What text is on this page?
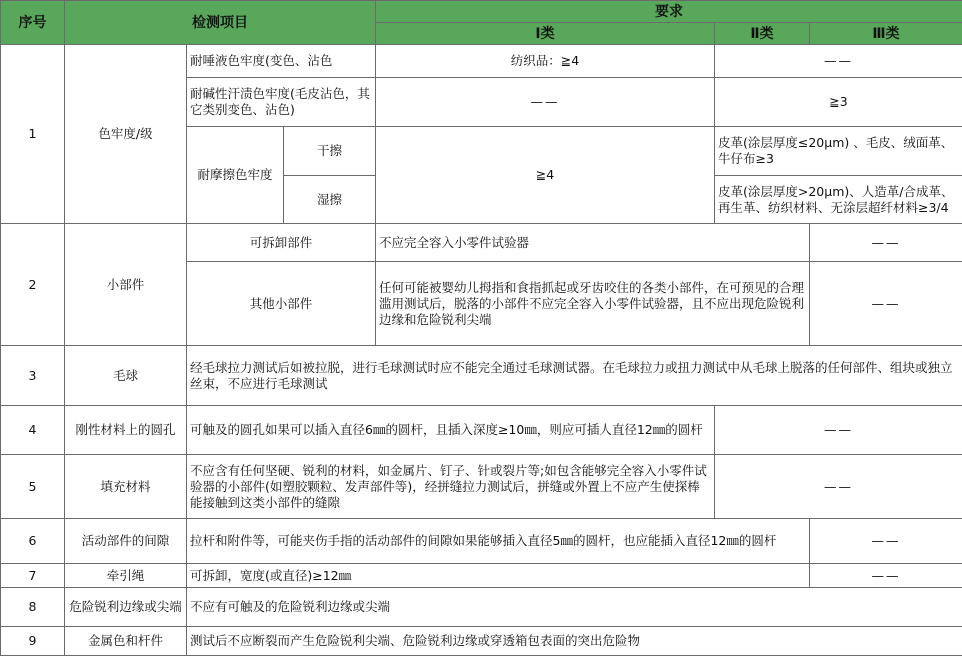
序号	检测项目			要求		
				Ⅰ类	Ⅱ类	Ⅲ类
1	色牢度/级	耐唾液色牢度(变色、沾色		纺织品：≧4	——	
		耐碱性汗渍色牢度(毛皮沾色，其它类别变色、沾色)		——	≧3	
		耐摩擦色牢度	干擦	≧4	皮革(涂层厚度≤20μm) 、毛皮、绒面革、牛仔布≥3	
			湿擦		皮革(涂层厚度>20μm)、人造革/合成革、再生革、纺织材料、无涂层超纤材料≥3/4	
2	小部件	可拆卸部件		不应完全容入小零件试验器		——
		其他小部件		任何可能被婴幼儿拇指和食指抓起或牙齿咬住的各类小部件，在可预见的合理滥用测试后，脱落的小部件不应完全容入小零件试验器，且不应出现危险锐利边缘和危险锐利尖端		——
3	毛球	经毛球拉力测试后如被拉脱，进行毛球测试时应不能完全通过毛球测试器。在毛球拉力或扭力测试中从毛球上脱落的任何部件、组块或独立丝束，不应进行毛球测试				
4	刚性材料上的圆孔	可触及的圆孔如果可以插入直径6㎜的圆杆，且插入深度≥10㎜，则应可插人直径12㎜的圆杆			——	
5	填充材料	不应含有任何坚硬、锐利的材料，如金属片、钉子、针或裂片等;如包含能够完全容入小零件试验器的小部件(如塑胶颗粒、发声部件等)，经拼缝拉力测试后，拼缝或外置上不应产生使探棒能接触到这类小部件的缝隙			——	
6	活动部件的间隙	拉杆和附件等，可能夹伤手指的活动部件的间隙如果能够插入直径5㎜的圆杆，也应能插入直径12㎜的圆杆				——
7	牵引绳	可拆卸，宽度(或直径)≥12㎜				——
8	危险锐利边缘或尖端	不应有可触及的危险锐利边缘或尖端				
9	金属色和杆件	测试后不应断裂而产生危险锐利尖端、危险锐利边缘或穿透箱包表面的突出危险物				
